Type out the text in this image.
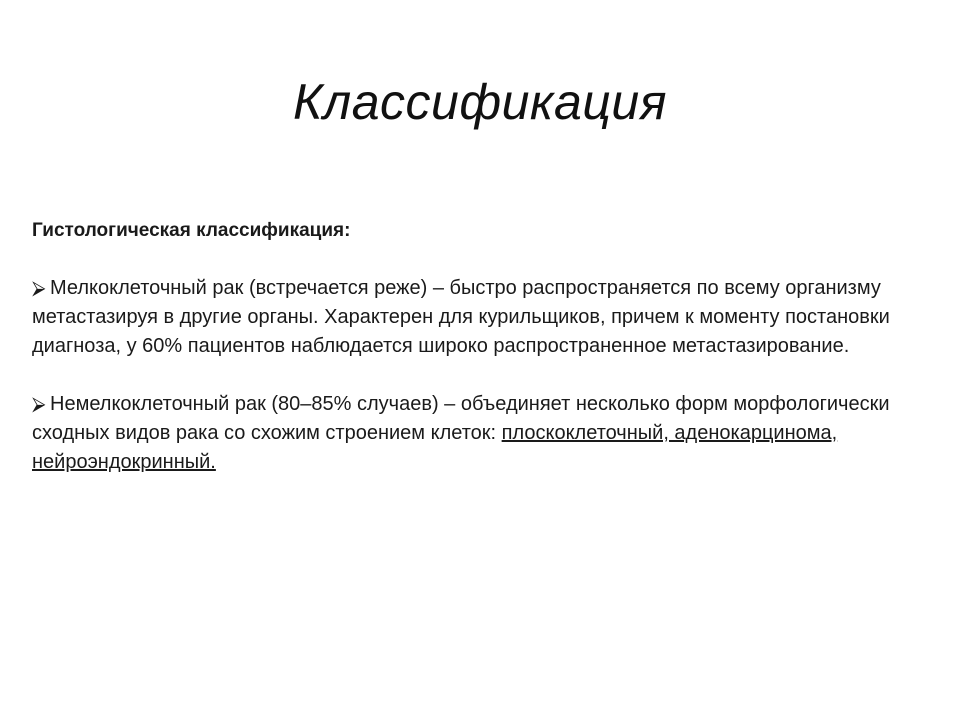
Классификация
Гистологическая классификация:
⮚ Мелкоклеточный рак (встречается реже) – быстро распространяется по всему организму метастазируя в другие органы. Характерен для курильщиков, причем к моменту постановки диагноза, у 60% пациентов наблюдается широко распространенное метастазирование.
⮚ Немелкоклеточный рак (80–85% случаев) – объединяет несколько форм морфологически сходных видов рака со схожим строением клеток: плоскоклеточный, аденокарцинома, нейроэндокринный.
